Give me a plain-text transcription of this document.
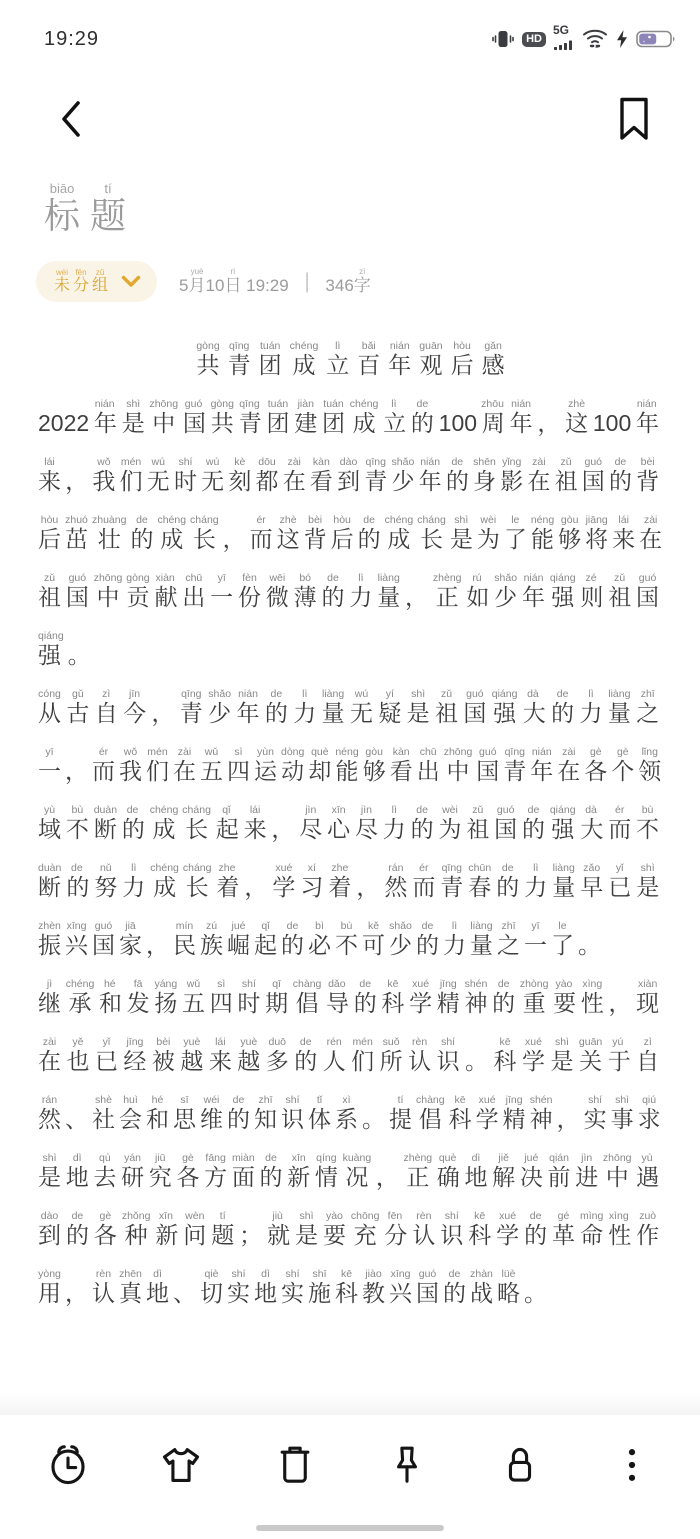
19:29	HD
5G
标biāo题tí
未wèi分fēn组zǔ
5月yuè10日rì 19:29 | 346字zì
共gòng青qīng团tuán成chéng立lì百bǎi年nián观guān后hòu感gǎn
2022 年nián是shì中zhōng国guó共gòng青qīng团tuán建jiàn团tuán成chéng立lì的de100 周zhōu年nián， 这zhè100 年nián来lái， 我wǒ们mén无wú时shí无wú刻kè都dōu在zài看kàn到dào青qīng少shǎo年nián的de身shēn影yǐng在zài祖zǔ国guó的de背bèi后hòu茁zhuó壮zhuàng的de成chéng长cháng， 而ér这zhè背bèi后hòu的de成chéng长cháng是shì为wèi了le能néng够gòu将jiāng来lái在zài祖zǔ国guó中zhōng贡gòng献xiàn出chū一yī份fèn微wēi薄bó的de力lì量liàng， 正zhèng如rú少shǎo年nián强qiáng则zé祖zǔ国guó强qiáng。
从cóng古gǔ自zì今jīn， 青qīng少shǎo年nián的de力lì量liàng无wú疑yí是shì祖zǔ国guó强qiáng大dà的de力lì量liàng之zhī一yī， 而ér我wǒ们mén在zài五wǔ四sì运yùn动dòng却què能néng够gòu看kàn出chū中zhōng国guó青qīng年nián在zài各gè个gè领lǐng域yù不bù断duàn的de成chéng长cháng起qǐ来lái， 尽jìn心xīn尽jìn力lì的de为wèi祖zǔ国guó的de强qiáng大dà而ér不bù断duàn的de努nǔ力lì成chéng长cháng着zhe， 学xué习xí着zhe， 然rán而ér青qīng春chūn的de力lì量liàng早zǎo已yǐ是shì振zhèn兴xīng国guó家jiā， 民mín族zú崛jué起qǐ的de必bì不bù可kě少shǎo的de力lì量liàng之zhī一yī了le。
继jì承chéng和hé发fā扬yáng五wǔ四sì时shí期qī倡chàng导dǎo的de科kē学xué精jīng神shén的de重zhòng要yào性xìng， 现xiàn在zài也yě已yǐ经jīng被bèi越yuè来lái越yuè多duō的de人rén们mén所suǒ认rèn识shí。 科kē学xué是shì关guān于yú自zì然rán、 社shè会huì和hé思sī维wéi的de知zhī识shí体tǐ系xì。 提tí倡chàng科kē学xué精jīng神shén， 实shí事shì求qiú是shì地dì去qù研yán究jiū各gè方fāng面miàn的de新xīn情qíng况kuàng， 正zhèng确què地dì解jiě决jué前qián进jìn中zhōng遇yù到dào的de各gè种zhǒng新xīn问wèn题tí； 就jiù是shì要yào充chōng分fēn认rèn识shí科kē学xué的de革gé命mìng性xìng作zuò用yòng， 认rèn真zhēn地dì、 切qiè实shí地dì实shí施shī科kē教jiào兴xīng国guó的de战zhàn略lüè。
